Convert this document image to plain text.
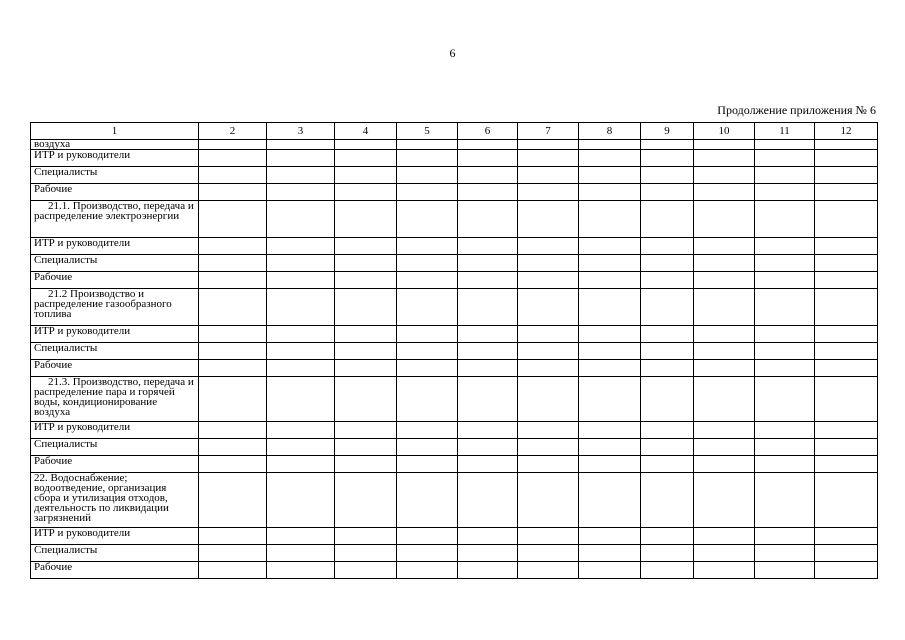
6
Продолжение приложения № 6
1	2	3	4	5	6	7	8	9	10	11	12
воздуха											
ИТР и руководители											
Специалисты											
Рабочие											
21.1. Производство, передача и распределение электроэнергии											
ИТР и руководители											
Специалисты											
Рабочие											
21.2 Производство и распределение газообразного топлива											
ИТР и руководители											
Специалисты											
Рабочие											
21.3. Производство, передача и распределение пара и горячей воды, кондиционирование воздуха											
ИТР и руководители											
Специалисты											
Рабочие											
22. Водоснабжение; водоотведение, организация сбора и утилизация отходов, деятельность по ликвидации загрязнений											
ИТР и руководители											
Специалисты											
Рабочие											
